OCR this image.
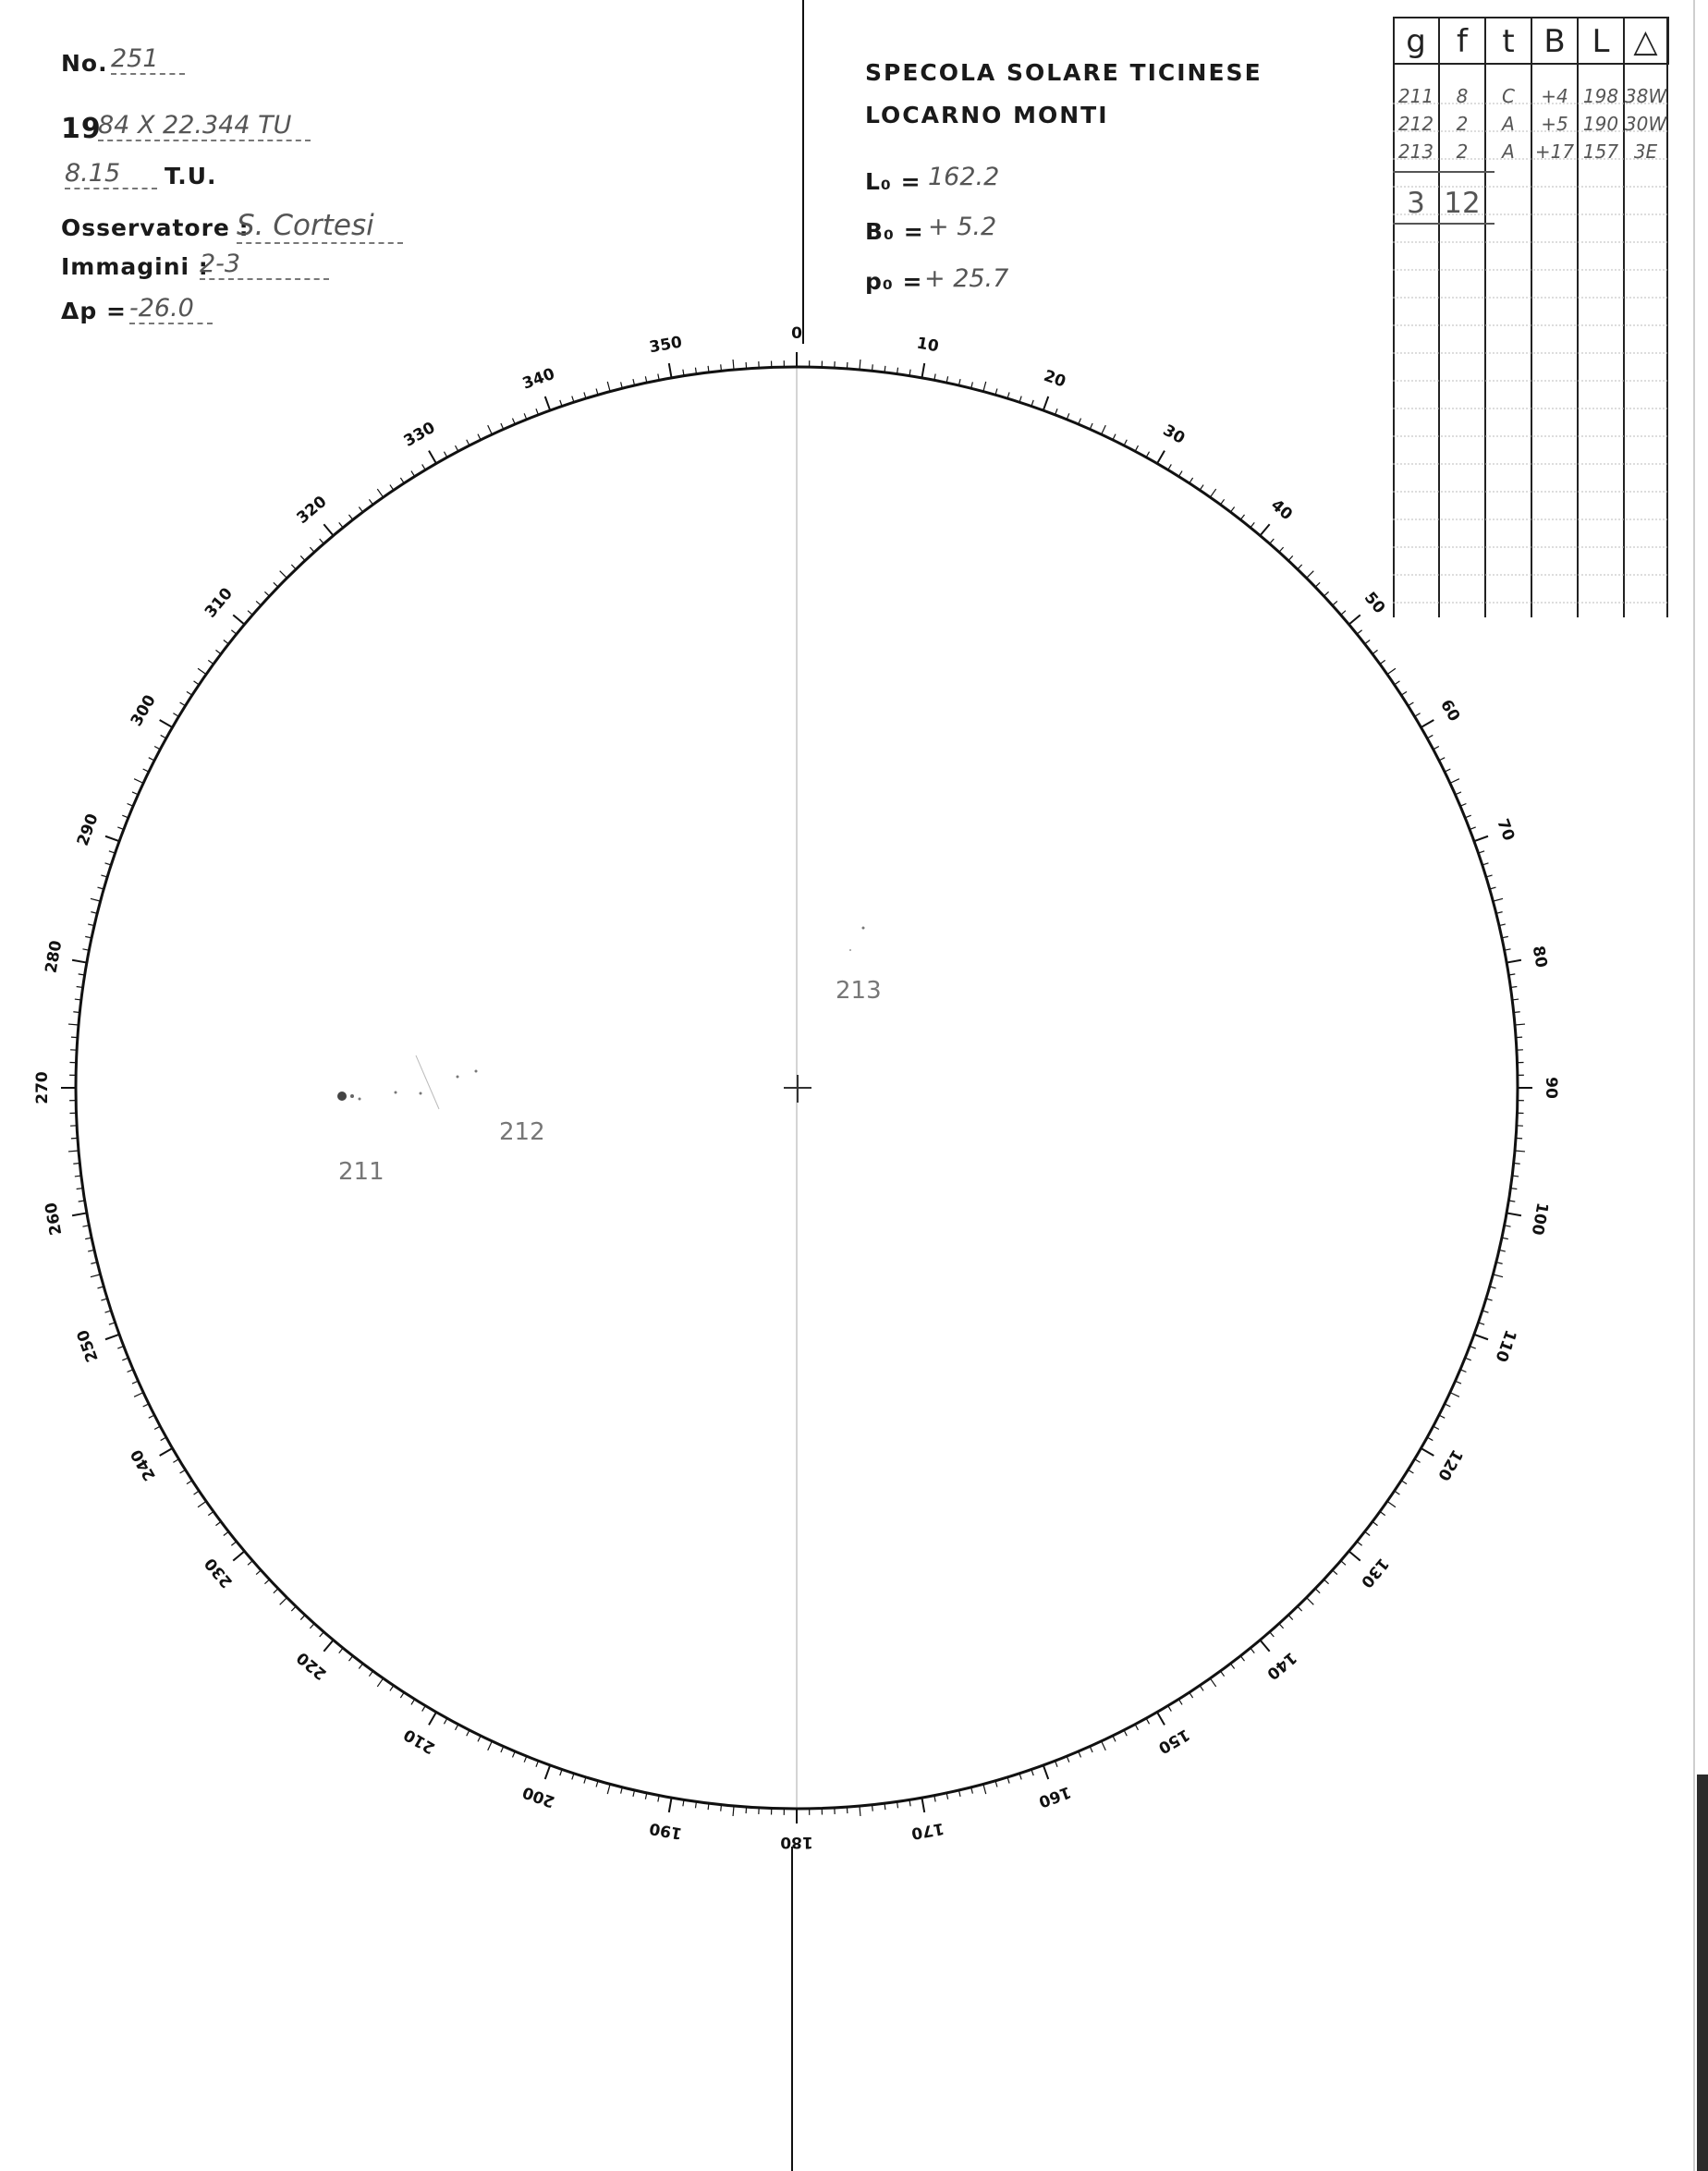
No. 251
19
84 X 22.344 TU
8.15	T.U.
Osservatore :
S. Cortesi
Immagini :
2-3
Δp = -26.0
SPECOLA SOLARE TICINESE
LOCARNO MONTI
L₀ = 162.2
B₀ = + 5.2
p₀ = + 25.7
g f	t B L △
211	8	C	+4 198 38W
212	2	A	+5 190 30W
213	2	A	+17 157 3E
3 12
0
10
20
30
40
50
60
70
80
90
100
110
120
130
140
150
160
170
180
190
200
210
220
230
240
250
260
270
280
290
300
310
320
330
340
350
213
212
211
